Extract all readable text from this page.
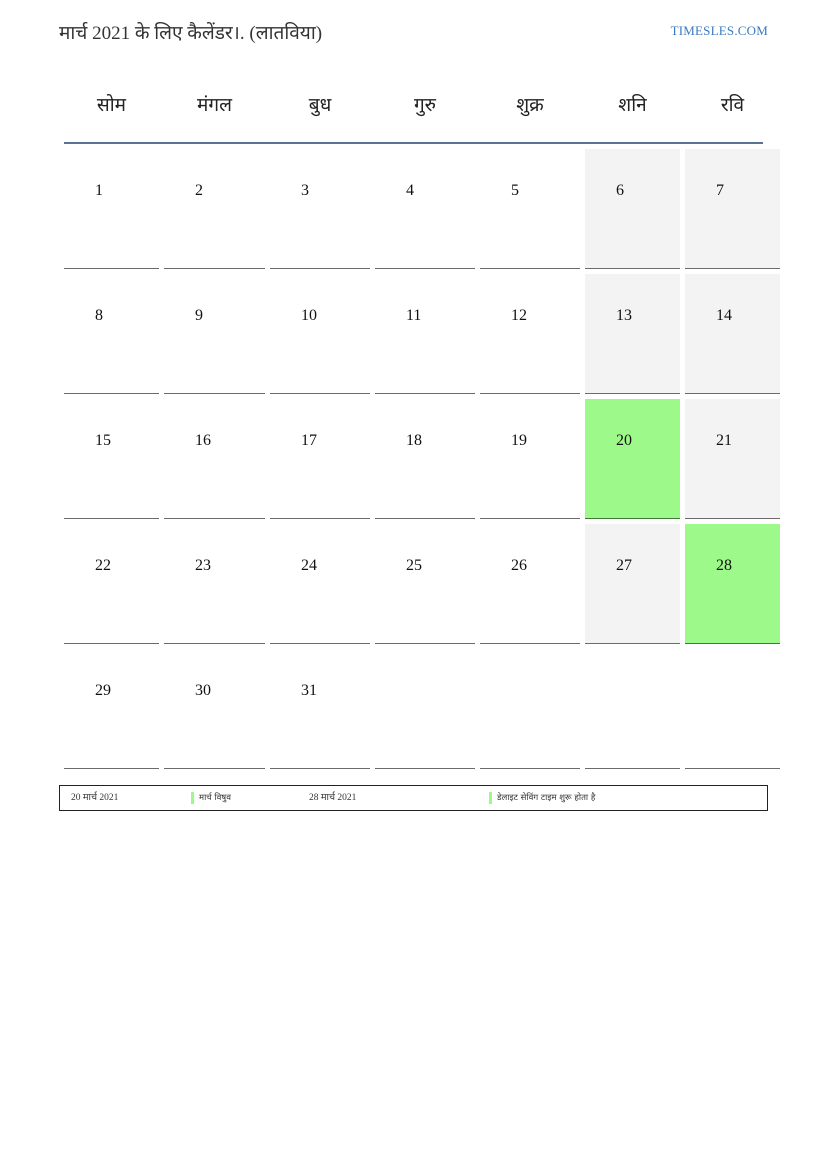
मार्च 2021 के लिए कैलेंडर।. (लातविया)	TIMESLES.COM
सोम	मंगल	बुध	गुरु	शुक्र	शनि	रवि
1	2	3	4	5	6	7
8	9	10	11	12	13	14
15	16	17	18	19	20	21
22	23	24	25	26	27	28
29	30	31
20 मार्च 2021	मार्च विषुव	28 मार्च 2021	डेलाइट सेविंग टाइम शुरू होता है
